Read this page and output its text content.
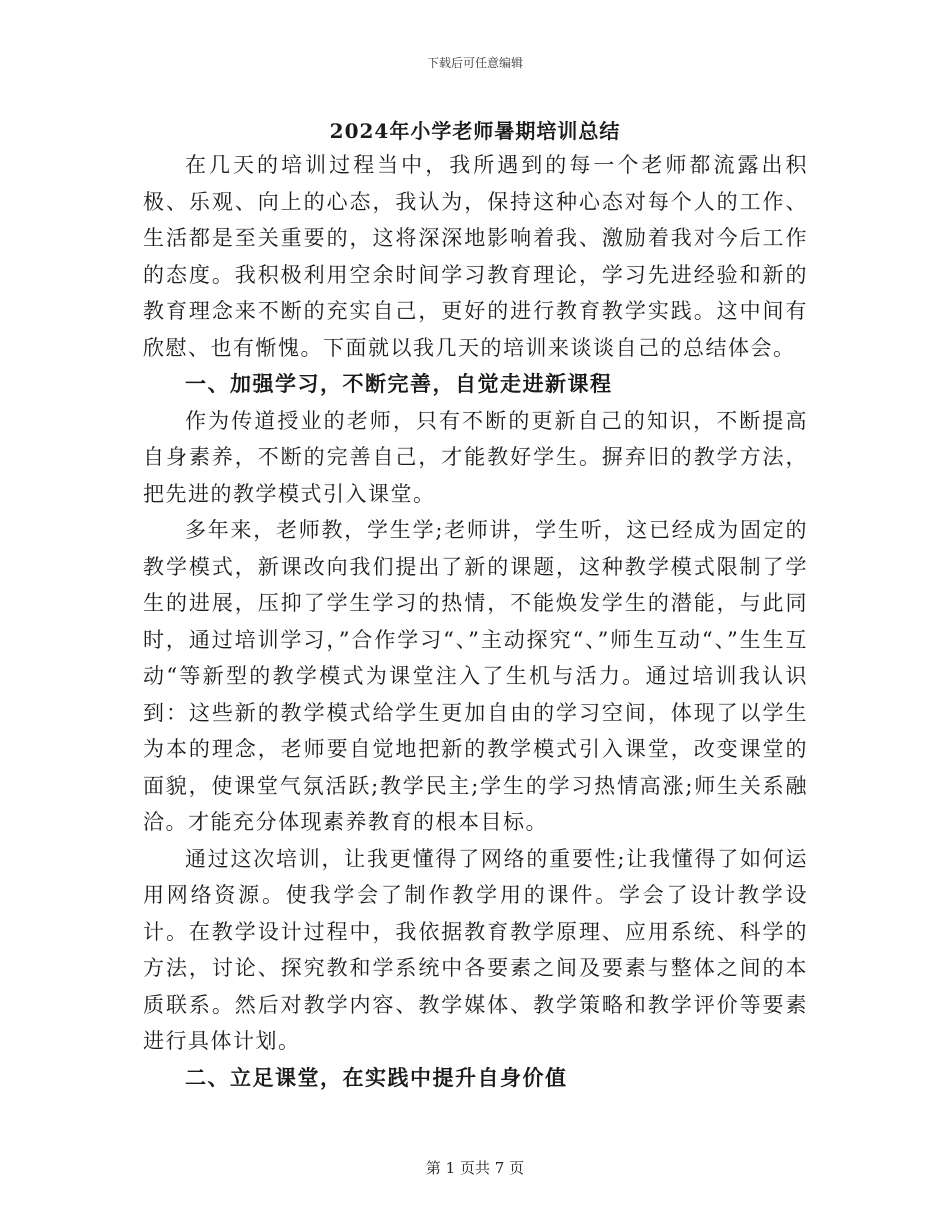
下载后可任意编辑
2024年小学老师暑期培训总结

在几天的培训过程当中，我所遇到的每一个老师都流露出积极、乐观、向上的心态，我认为，保持这种心态对每个人的工作、生活都是至关重要的，这将深深地影响着我、激励着我对今后工作的态度。我积极利用空余时间学习教育理论，学习先进经验和新的教育理念来不断的充实自己，更好的进行教育教学实践。这中间有欣慰、也有惭愧。下面就以我几天的培训来谈谈自己的总结体会。

一、加强学习，不断完善，自觉走进新课程

作为传道授业的老师，只有不断的更新自己的知识，不断提高自身素养，不断的完善自己，才能教好学生。摒弃旧的教学方法，把先进的教学模式引入课堂。

多年来，老师教，学生学;老师讲，学生听，这已经成为固定的教学模式，新课改向我们提出了新的课题，这种教学模式限制了学生的进展，压抑了学生学习的热情，不能焕发学生的潜能，与此同时，通过培训学习，”合作学习“、”主动探究“、”师生互动“、”生生互动“等新型的教学模式为课堂注入了生机与活力。通过培训我认识到：这些新的教学模式给学生更加自由的学习空间，体现了以学生为本的理念，老师要自觉地把新的教学模式引入课堂，改变课堂的面貌，使课堂气氛活跃;教学民主;学生的学习热情高涨;师生关系融洽。才能充分体现素养教育的根本目标。

通过这次培训，让我更懂得了网络的重要性;让我懂得了如何运用网络资源。使我学会了制作教学用的课件。学会了设计教学设计。在教学设计过程中，我依据教育教学原理、应用系统、科学的方法，讨论、探究教和学系统中各要素之间及要素与整体之间的本质联系。然后对教学内容、教学媒体、教学策略和教学评价等要素进行具体计划。

二、立足课堂，在实践中提升自身价值

第 1 页共 7 页
